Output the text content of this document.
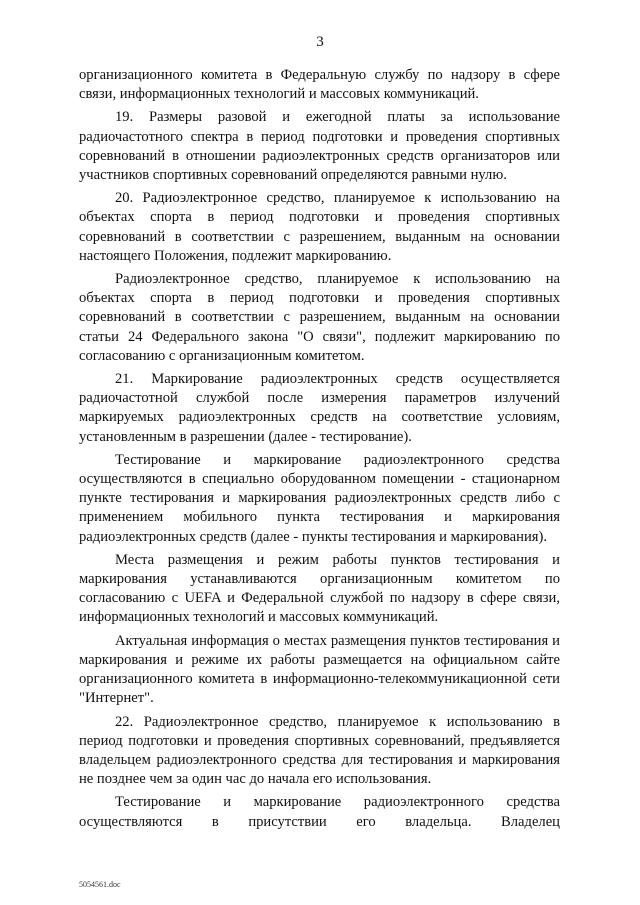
3

организационного комитета в Федеральную службу по надзору в сфере связи, информационных технологий и массовых коммуникаций.

19. Размеры разовой и ежегодной платы за использование радиочастотного спектра в период подготовки и проведения спортивных соревнований в отношении радиоэлектронных средств организаторов или участников спортивных соревнований определяются равными нулю.

20. Радиоэлектронное средство, планируемое к использованию на объектах спорта в период подготовки и проведения спортивных соревнований в соответствии с разрешением, выданным на основании настоящего Положения, подлежит маркированию.

Радиоэлектронное средство, планируемое к использованию на объектах спорта в период подготовки и проведения спортивных соревнований в соответствии с разрешением, выданным на основании статьи 24 Федерального закона "О связи", подлежит маркированию по согласованию с организационным комитетом.

21. Маркирование радиоэлектронных средств осуществляется радиочастотной службой после измерения параметров излучений маркируемых радиоэлектронных средств на соответствие условиям, установленным в разрешении (далее - тестирование).

Тестирование и маркирование радиоэлектронного средства осуществляются в специально оборудованном помещении - стационарном пункте тестирования и маркирования радиоэлектронных средств либо с применением мобильного пункта тестирования и маркирования радиоэлектронных средств (далее - пункты тестирования и маркирования).

Места размещения и режим работы пунктов тестирования и маркирования устанавливаются организационным комитетом по согласованию с UEFA и Федеральной службой по надзору в сфере связи, информационных технологий и массовых коммуникаций.

Актуальная информация о местах размещения пунктов тестирования и маркирования и режиме их работы размещается на официальном сайте организационного комитета в информационно-телекоммуникационной сети "Интернет".

22. Радиоэлектронное средство, планируемое к использованию в период подготовки и проведения спортивных соревнований, предъявляется владельцем радиоэлектронного средства для тестирования и маркирования не позднее чем за один час до начала его использования.

Тестирование и маркирование радиоэлектронного средства осуществляются в присутствии его владельца. Владелец

5054561.doc
